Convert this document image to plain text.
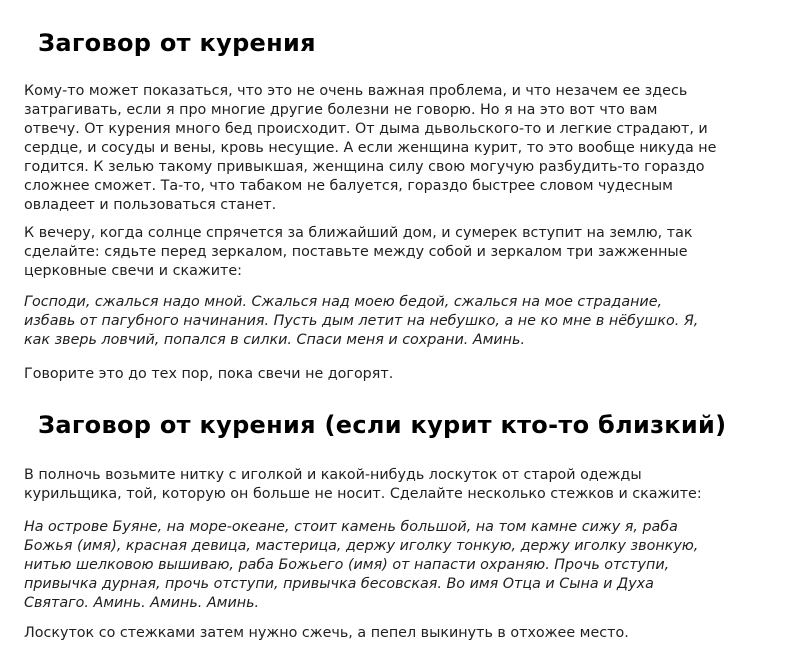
Заговор от курения

Кому-то может показаться, что это не очень важная проблема, и что незачем ее здесь
затрагивать, если я про многие другие болезни не говорю. Но я на это вот что вам
отвечу. От курения много бед происходит. От дыма дьвольского-то и легкие страдают, и
сердце, и сосуды и вены, кровь несущие. А если женщина курит, то это вообще никуда не
годится. К зелью такому привыкшая, женщина силу свою могучую разбудить-то гораздо
сложнее сможет. Та-то, что табаком не балуется, гораздо быстрее словом чудесным
овладеет и пользоваться станет.

К вечеру, когда солнце спрячется за ближайший дом, и сумерек вступит на землю, так
сделайте: сядьте перед зеркалом, поставьте между собой и зеркалом три зажженные
церковные свечи и скажите:

Господи, сжалься надо мной. Сжалься над моею бедой, сжалься на мое страдание,
избавь от пагубного начинания. Пусть дым летит на небушко, а не ко мне в нёбушко. Я,
как зверь ловчий, попался в силки. Спаси меня и сохрани. Аминь.

Говорите это до тех пор, пока свечи не догорят.

Заговор от курения (если курит кто-то близкий)

В полночь возьмите нитку с иголкой и какой-нибудь лоскуток от старой одежды
курильщика, той, которую он больше не носит. Сделайте несколько стежков и скажите:

На острове Буяне, на море-океане, стоит камень большой, на том камне сижу я, раба
Божья (имя), красная девица, мастерица, держу иголку тонкую, держу иголку звонкую,
нитью шелковою вышиваю, раба Божьего (имя) от напасти охраняю. Прочь отступи,
привычка дурная, прочь отступи, привычка бесовская. Во имя Отца и Сына и Духа
Святаго. Аминь. Аминь. Аминь.

Лоскуток со стежками затем нужно сжечь, а пепел выкинуть в отхожее место.
